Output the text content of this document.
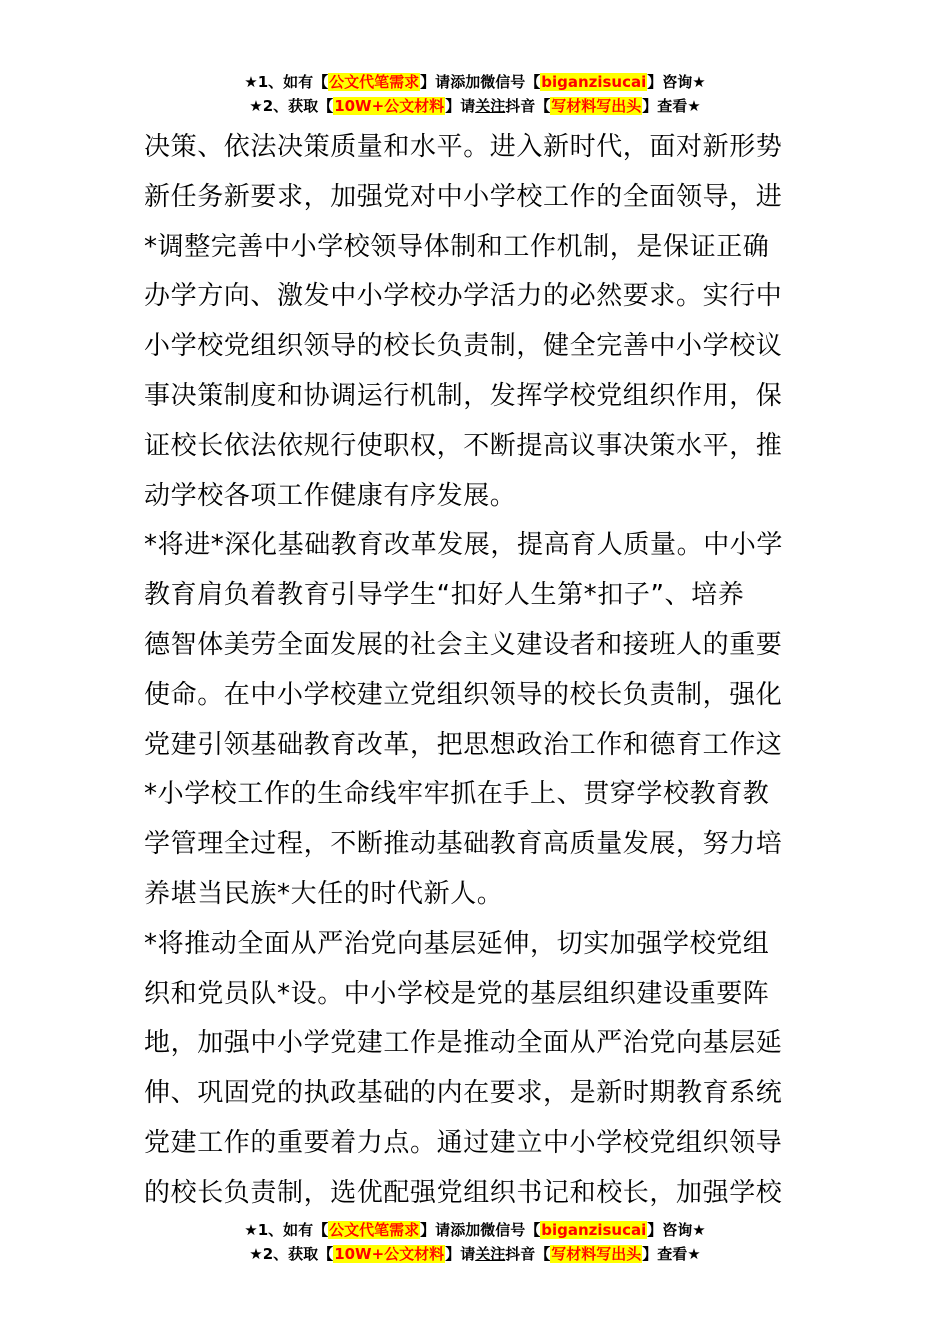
★1、如有【公文代笔需求】请添加微信号【biganzisucai】咨询★
★2、获取【10W+公文材料】请关注抖音【写材料写出头】查看★
决策、依法决策质量和水平。进入新时代，面对新形势
新任务新要求，加强党对中小学校工作的全面领导，进
*调整完善中小学校领导体制和工作机制，是保证正确
办学方向、激发中小学校办学活力的必然要求。实行中
小学校党组织领导的校长负责制，健全完善中小学校议
事决策制度和协调运行机制，发挥学校党组织作用，保
证校长依法依规行使职权，不断提高议事决策水平，推
动学校各项工作健康有序发展。
*将进*深化基础教育改革发展，提高育人质量。中小学
教育肩负着教育引导学生“扣好人生第*扣子”、培养
德智体美劳全面发展的社会主义建设者和接班人的重要
使命。在中小学校建立党组织领导的校长负责制，强化
党建引领基础教育改革，把思想政治工作和德育工作这
*小学校工作的生命线牢牢抓在手上、贯穿学校教育教
学管理全过程，不断推动基础教育高质量发展，努力培
养堪当民族*大任的时代新人。
*将推动全面从严治党向基层延伸，切实加强学校党组
织和党员队*设。中小学校是党的基层组织建设重要阵
地，加强中小学党建工作是推动全面从严治党向基层延
伸、巩固党的执政基础的内在要求，是新时期教育系统
党建工作的重要着力点。通过建立中小学校党组织领导
的校长负责制，选优配强党组织书记和校长，加强学校
★1、如有【公文代笔需求】请添加微信号【biganzisucai】咨询★
★2、获取【10W+公文材料】请关注抖音【写材料写出头】查看★
